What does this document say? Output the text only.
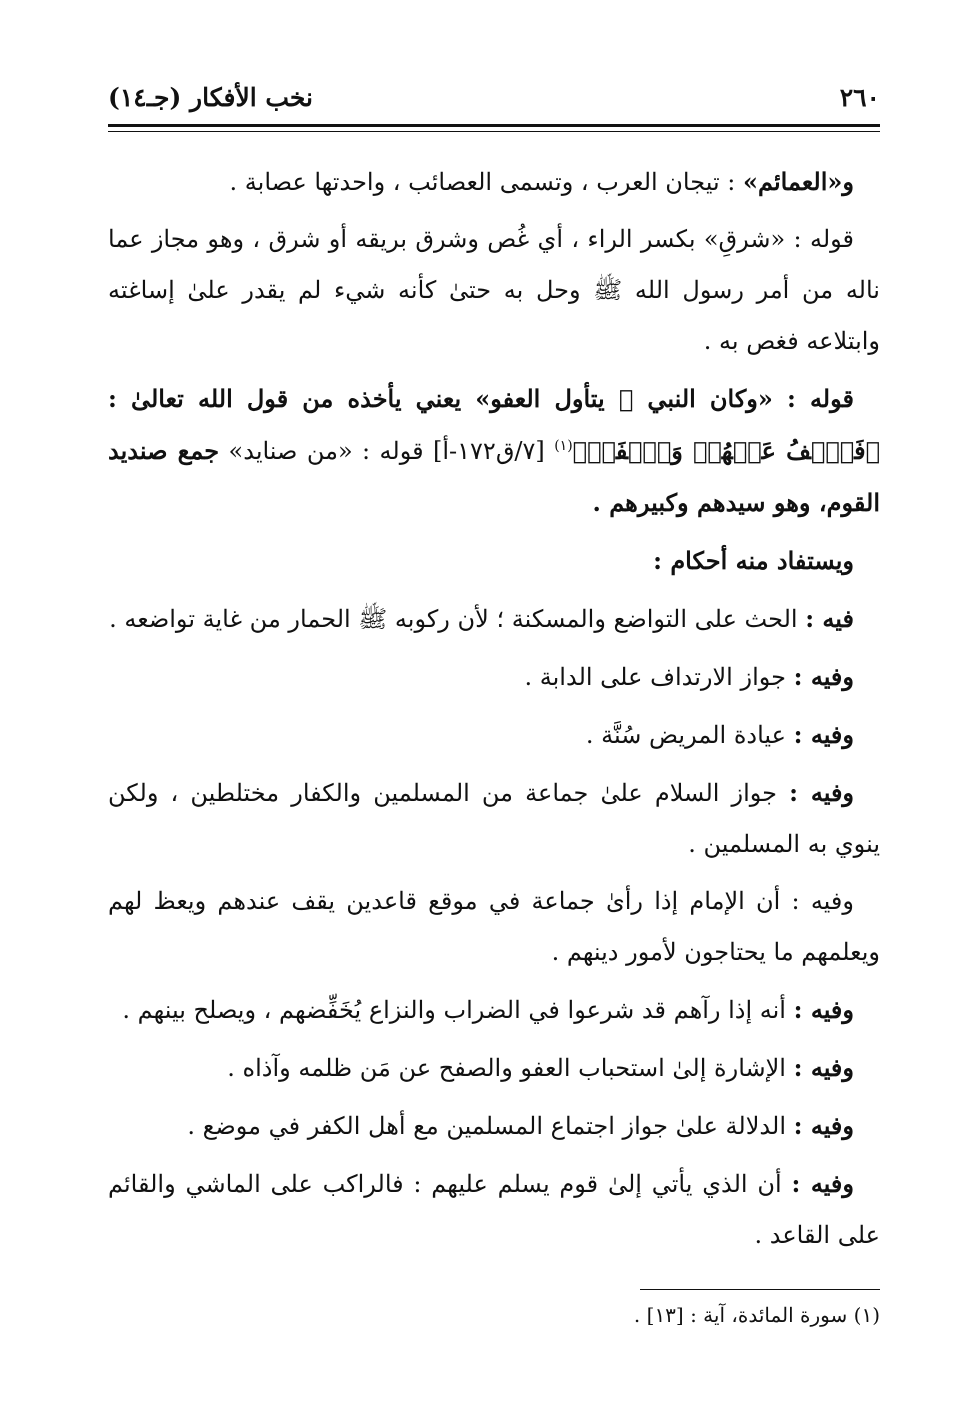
٢٦٠
نخب الأفكار (جـ١٤)

و«العمائم» : تيجان العرب ، وتسمى العصائب ، واحدتها عصابة .

قوله : «شرقِ» بكسر الراء ، أي غُص وشرق بريقه أو شرق ، وهو مجاز عما ناله من أمر رسول الله ﷺ وحل به حتىٰ كأنه شيء لم يقدر علىٰ إساغته وابتلاعه فغص به .

قوله : «وكان النبي ﷺ يتأول العفو» يعني يأخذه من قول الله تعالىٰ : ﴿فَٱعۡفُ عَنۡهُمۡ وَٱصۡفَحۡ﴾$^{(١)}$ [٧/ق١٧٢-أ] قوله : «من صنايد» جمع صنديد القوم، وهو سيدهم وكبيرهم .

ويستفاد منه أحكام :

فيه : الحث على التواضع والمسكنة ؛ لأن ركوبه ﷺ الحمار من غاية تواضعه .

وفيه : جواز الارتداف على الدابة .

وفيه : عيادة المريض سُنَّة .

وفيه : جواز السلام علىٰ جماعة من المسلمين والكفار مختلطين ، ولكن ينوي به المسلمين .

وفيه : أن الإمام إذا رأىٰ جماعة في موقع قاعدين يقف عندهم ويعظ لهم ويعلمهم ما يحتاجون لأمور دينهم .

وفيه : أنه إذا رآهم قد شرعوا في الضراب والنزاع يُخَفِّضهم ، ويصلح بينهم .

وفيه : الإشارة إلىٰ استحباب العفو والصفح عن مَن ظلمه وآذاه .

وفيه : الدلالة علىٰ جواز اجتماع المسلمين مع أهل الكفر في موضع .

وفيه : أن الذي يأتي إلىٰ قوم يسلم عليهم : فالراكب على الماشي والقائم على القاعد .

(١) سورة المائدة، آية : [١٣] .
